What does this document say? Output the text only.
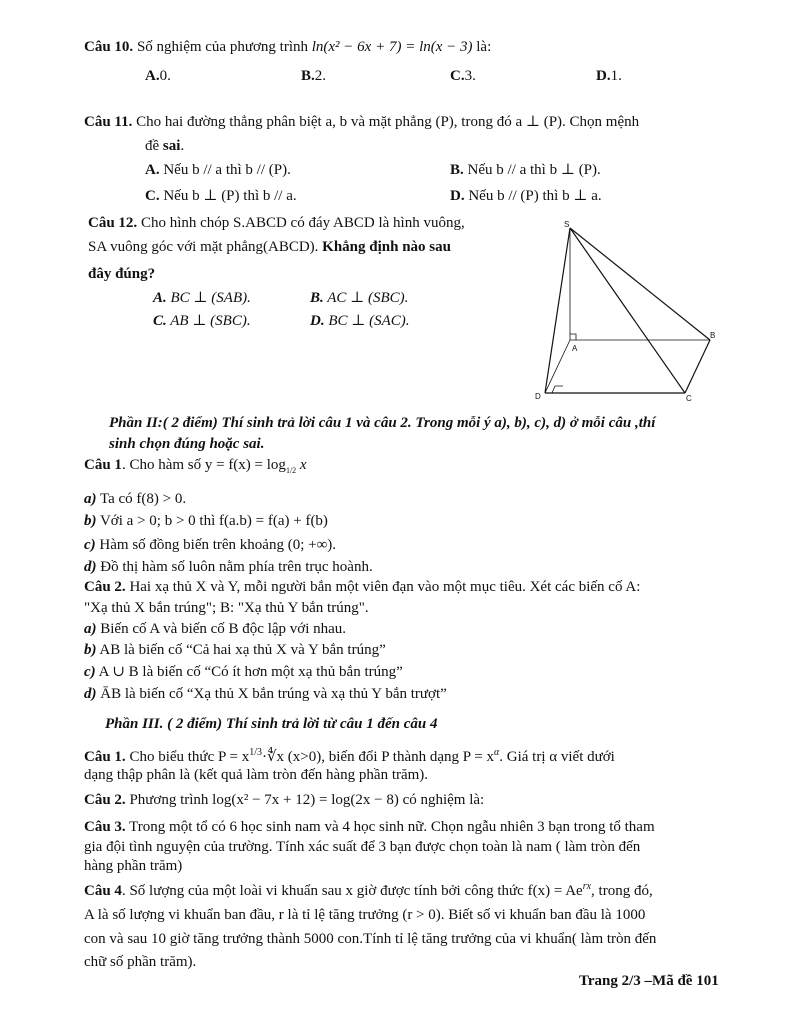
Câu 10. Số nghiệm của phương trình ln(x² − 6x + 7) = ln(x − 3) là:
A.0.	B.2.	C.3.	D.1.
Câu 11. Cho hai đường thẳng phân biệt a, b và mặt phẳng (P), trong đó a ⊥ (P). Chọn mệnh
đề sai.
A. Nếu b // a thì b // (P).	B. Nếu b // a thì b ⊥ (P).
C. Nếu b ⊥ (P) thì b // a.	D. Nếu b // (P) thì b ⊥ a.
Câu 12. Cho hình chóp S.ABCD có đáy ABCD là hình vuông,
SA vuông góc với mặt phẳng(ABCD). Khẳng định nào sau
đây đúng?
A. BC ⊥ (SAB).	B. AC ⊥ (SBC).
C. AB ⊥ (SBC).	D. BC ⊥ (SAC).
S
A
B
C
D
Phần II:( 2 điểm) Thí sinh trả lời câu 1 và câu 2. Trong mỗi ý a), b), c), d) ở mỗi câu ,thí
sinh chọn đúng hoặc sai.
Câu 1. Cho hàm số y = f(x) = log1/2 x
a) Ta có f(8) > 0.
b) Với a > 0; b > 0 thì f(a.b) = f(a) + f(b)
c) Hàm số đồng biến trên khoảng (0; +∞).
d) Đồ thị hàm số luôn nằm phía trên trục hoành.
Câu 2. Hai xạ thủ X và Y, mỗi người bắn một viên đạn vào một mục tiêu. Xét các biến cố A:
"Xạ thủ X bắn trúng"; B: "Xạ thủ Y bắn trúng".
a) Biến cố A và biến cố B độc lập với nhau.
b) AB là biến cố “Cả hai xạ thủ X và Y bắn trúng”
c) A ∪ B là biến cố “Có ít hơn một xạ thủ bắn trúng”
d) ĀB là biến cố “Xạ thủ X bắn trúng và xạ thủ Y bắn trượt”
Phần III. ( 2 điểm) Thí sinh trả lời từ câu 1 đến câu 4
Câu 1. Cho biểu thức $P = x^{1/3}\cdot∜x$ (x>0), biến đổi P thành dạng $P = x^\alpha$. Giá trị α viết dưới
dạng thập phân là (kết quả làm tròn đến hàng phần trăm).
Câu 2. Phương trình log(x² − 7x + 12) = log(2x − 8) có nghiệm là:
Câu 3. Trong một tổ có 6 học sinh nam và 4 học sinh nữ. Chọn ngẫu nhiên 3 bạn trong tổ tham
gia đội tình nguyện của trường. Tính xác suất để 3 bạn được chọn toàn là nam ( làm tròn đến
hàng phần trăm)
Câu 4. Số lượng của một loài vi khuẩn sau x giờ được tính bởi công thức $f(x) = Ae^{rx}$, trong đó,
A là số lượng vi khuẩn ban đầu, r là tỉ lệ tăng trưởng (r > 0). Biết số vi khuẩn ban đầu là 1000
con và sau 10 giờ tăng trưởng thành 5000 con.Tính tỉ lệ tăng trưởng của vi khuẩn( làm tròn đến
chữ số phần trăm).
Trang 2/3 –Mã đề 101
